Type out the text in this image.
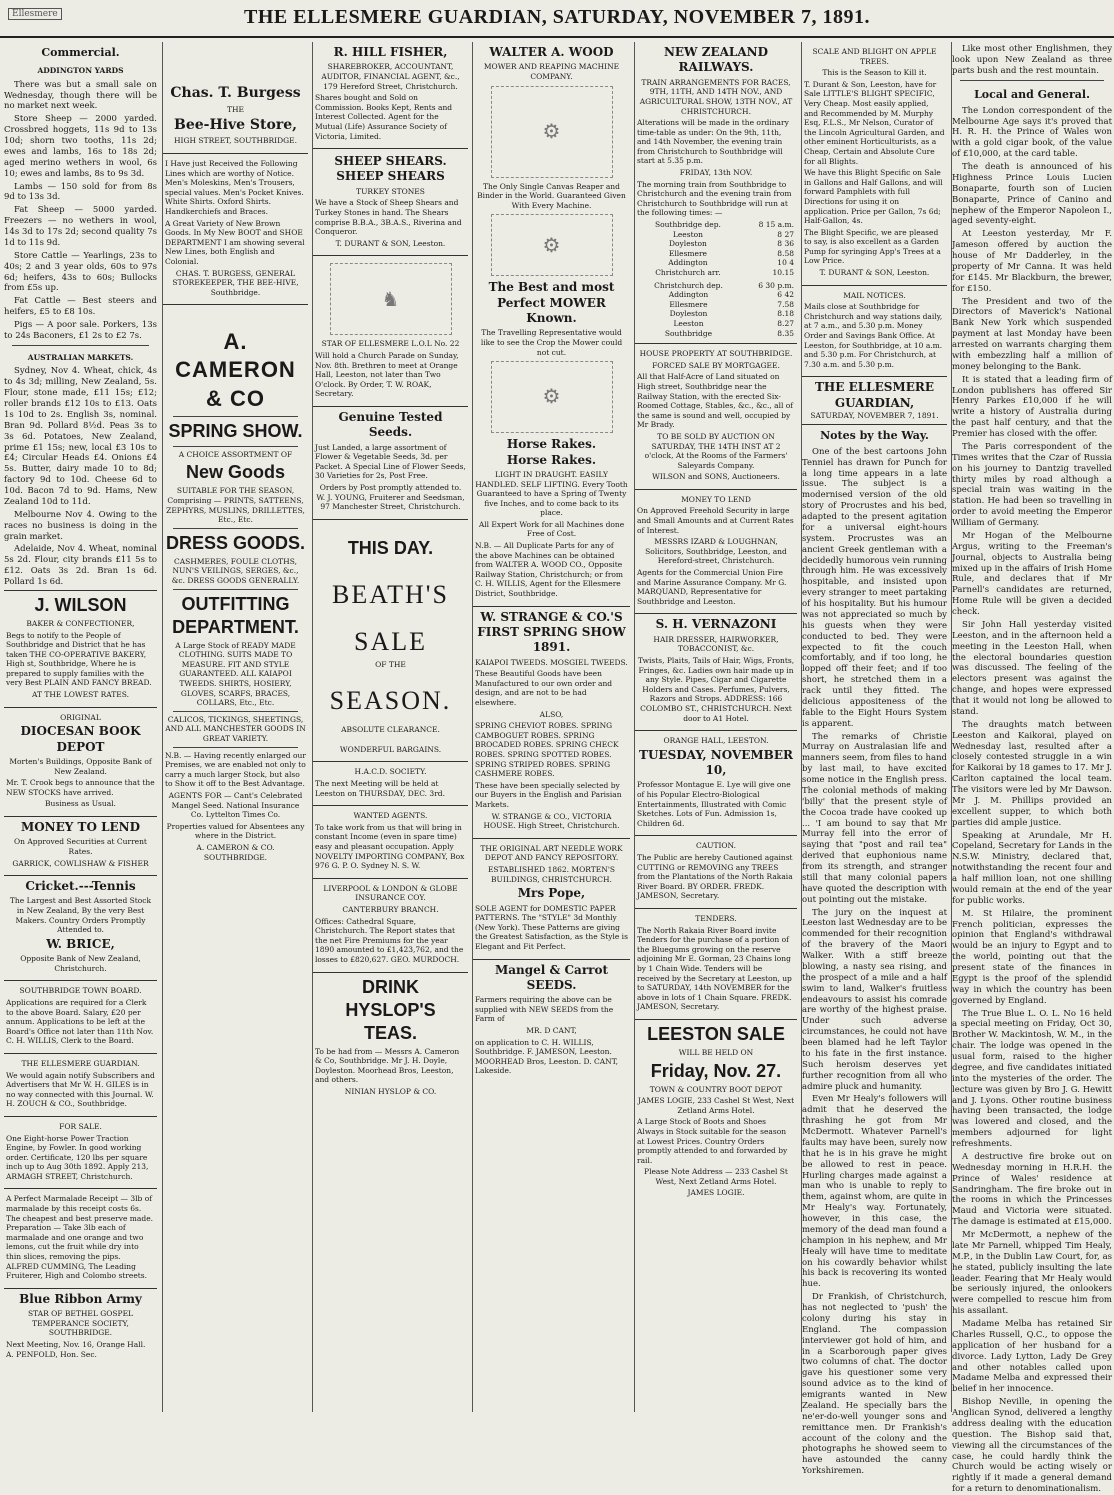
Ellesmere	THE ELLESMERE GUARDIAN, SATURDAY, NOVEMBER 7, 1891.
Commercial.
ADDINGTON YARDS

There was but a small sale on Wednesday, though there will be no market next week.

Store Sheep — 2000 yarded. Crossbred hoggets, 11s 9d to 13s 10d; shorn two tooths, 11s 2d; ewes and lambs, 16s to 18s 2d; aged merino wethers in wool, 6s 10; ewes and lambs, 8s to 9s 3d.

Lambs — 150 sold for from 8s 9d to 13s 3d.

Fat Sheep — 5000 yarded. Freezers — no wethers in wool, 14s 3d to 17s 2d; second quality 7s 1d to 11s 9d.

Store Cattle — Yearlings, 23s to 40s; 2 and 3 year olds, 60s to 97s 6d; heifers, 43s to 60s; Bullocks from £5s up.

Fat Cattle — Best steers and heifers, £5 to £8 10s.

Pigs — A poor sale. Porkers, 13s to 24s Baconers, £1 2s to £2 7s.

AUSTRALIAN MARKETS.

Sydney, Nov 4. Wheat, chick, 4s to 4s 3d; milling, New Zealand, 5s. Flour, stone made, £11 15s; £12; roller brands £12 10s to £13. Oats 1s 10d to 2s. English 3s, nominal. Bran 9d. Pollard 8½d. Peas 3s to 3s 6d. Potatoes, New Zealand, prime £1 15s; new, local £3 10s to £4; Circular Heads £4. Onions £4 5s. Butter, dairy made 10 to 8d; factory 9d to 10d. Cheese 6d to 10d. Bacon 7d to 9d. Hams, New Zealand 10d to 11d.

Melbourne Nov 4. Owing to the races no business is doing in the grain market.

Adelaide, Nov 4. Wheat, nominal 5s 2d. Flour, city brands £11 5s to £12. Oats 3s 2d. Bran 1s 6d. Pollard 1s 6d.

J. WILSON

BAKER & CONFECTIONER,

Begs to notify to the People of Southbridge and District that he has taken THE CO-OPERATIVE BAKERY, High st, Southbridge, Where he is prepared to supply families with the very Best PLAIN AND FANCY BREAD.

AT THE LOWEST RATES.

ORIGINAL

DIOCESAN BOOK DEPOT

Morten's Buildings, Opposite Bank of New Zealand.

Mr. T. Crook begs to announce that the NEW STOCKS have arrived.

Business as Usual.

MONEY TO LEND

On Approved Securities at Current Rates.

GARRICK, COWLISHAW & FISHER

Cricket.---Tennis

The Largest and Best Assorted Stock in New Zealand, By the very Best Makers. Country Orders Promptly Attended to.

W. BRICE,

Opposite Bank of New Zealand, Christchurch.

SOUTHBRIDGE TOWN BOARD.

Applications are required for a Clerk to the above Board. Salary, £20 per annum. Applications to be left at the Board's Office not later than 11th Nov. C. H. WILLIS, Clerk to the Board.

THE ELLESMERE GUARDIAN.

We would again notify Subscribers and Advertisers that Mr W. H. GILES is in no way connected with this Journal. W. H. ZOUCH & CO., Southbridge.

FOR SALE.

One Eight-horse Power Traction Engine, by Fowler. In good working order. Certificate, 120 lbs per square inch up to Aug 30th 1892. Apply 213, ARMAGH STREET, Christchurch.

A Perfect Marmalade Receipt — 3lb of marmalade by this receipt costs 6s. The cheapest and best preserve made. Preparation — Take 3lb each of marmalade and one orange and two lemons, cut the fruit while dry into thin slices, removing the pips. ALFRED CUMMING, The Leading Fruiterer, High and Colombo streets.

Blue Ribbon Army

STAR OF BETHEL GOSPEL TEMPERANCE SOCIETY, SOUTHBRIDGE.

Next Meeting, Nov. 16, Orange Hall. A. PENFOLD, Hon. Sec.

Chas. T. Burgess

THE

Bee-Hive Store,

HIGH STREET, SOUTHBRIDGE.

I Have just Received the Following Lines which are worthy of Notice. Men's Moleskins, Men's Trousers, special values. Men's Pocket Knives. White Shirts. Oxford Shirts. Handkerchiefs and Braces.

A Great Variety of New Brown Goods. In My New BOOT and SHOE DEPARTMENT I am showing several New Lines, both English and Colonial.

CHAS. T. BURGESS, GENERAL STOREKEEPER, THE BEE-HIVE, Southbridge.

A. CAMERON & CO
SPRING SHOW.

A CHOICE ASSORTMENT OF

New Goods

SUITABLE FOR THE SEASON, Comprising — PRINTS, SATTEENS, ZEPHYRS, MUSLINS, DRILLETTES, Etc., Etc.

DRESS GOODS.

CASHMERES, FOULE CLOTHS, NUN'S VEILINGS, SERGES, &c., &c. DRESS GOODS GENERALLY.

OUTFITTING DEPARTMENT.

A Large Stock of READY MADE CLOTHING. SUITS MADE TO MEASURE. FIT AND STYLE GUARANTEED. ALL KAIAPOI TWEEDS. SHIRTS, HOSIERY, GLOVES, SCARFS, BRACES, COLLARS, Etc., Etc.

CALICOS, TICKINGS, SHEETINGS, AND ALL MANCHESTER GOODS IN GREAT VARIETY.

N.B. — Having recently enlarged our Premises, we are enabled not only to carry a much larger Stock, but also to Show it off to the Best Advantage.

AGENTS FOR — Cant's Celebrated Mangel Seed. National Insurance Co. Lyttelton Times Co.

Properties valued for Absentees any where in the District.

A. CAMERON & CO. SOUTHBRIDGE.

R. HILL FISHER,

SHAREBROKER, ACCOUNTANT, AUDITOR, FINANCIAL AGENT, &c., 179 Hereford Street, Christchurch.

Shares bought and Sold on Commission. Books Kept, Rents and Interest Collected. Agent for the Mutual (Life) Assurance Society of Victoria, Limited.

SHEEP SHEARS. SHEEP SHEARS

TURKEY STONES

We have a Stock of Sheep Shears and Turkey Stones in hand. The Shears comprise B.B.A., 3B.A.S., Riverina and Conqueror.

T. DURANT & SON, Leeston.

♞

STAR OF ELLESMERE L.O.L No. 22

Will hold a Church Parade on Sunday, Nov. 8th. Brethren to meet at Orange Hall, Leeston, not later than Two O'clock. By Order, T. W. ROAK, Secretary.

Genuine Tested Seeds.

Just Landed, a large assortment of Flower & Vegetable Seeds, 3d. per Packet. A Special Line of Flower Seeds, 30 Varieties for 2s, Post Free.

Orders by Post promptly attended to. W. J. YOUNG, Fruiterer and Seedsman, 97 Manchester Street, Christchurch.

THIS DAY.
BEATH'S
SALE

OF THE

SEASON.

ABSOLUTE CLEARANCE.

WONDERFUL BARGAINS.

H.A.C.D. SOCIETY.

The next Meeting will be held at Leeston on THURSDAY, DEC. 3rd.

WANTED AGENTS.

To take work from us that will bring in constant Income (even in spare time) easy and pleasant occupation. Apply NOVELTY IMPORTING COMPANY, Box 976 G. P. O. Sydney N. S. W.

LIVERPOOL & LONDON & GLOBE INSURANCE COY.

CANTERBURY BRANCH.

Offices: Cathedral Square, Christchurch. The Report states that the net Fire Premiums for the year 1890 amounted to £1,423,762, and the losses to £820,627. GEO. MURDOCH.

DRINK
HYSLOP'S
TEAS.

To be had from — Messrs A. Cameron & Co, Southbridge. Mr J. H. Doyle, Doyleston. Moorhead Bros, Leeston, and others.

NINIAN HYSLOP & CO.

WALTER A. WOOD

MOWER AND REAPING MACHINE COMPANY.

⚙

The Only Single Canvas Reaper and Binder in the World. Guaranteed Given With Every Machine.

⚙
The Best and most Perfect MOWER Known.

The Travelling Representative would like to see the Crop the Mower could not cut.

⚙
Horse Rakes.
Horse Rakes.

LIGHT IN DRAUGHT. EASILY HANDLED. SELF LIFTING. Every Tooth Guaranteed to have a Spring of Twenty five Inches, and to come back to its place.

All Expert Work for all Machines done Free of Cost.

N.B. — All Duplicate Parts for any of the above Machines can be obtained from WALTER A. WOOD CO., Opposite Railway Station, Christchurch; or from C. H. WILLIS, Agent for the Ellesmere District, Southbridge.

W. STRANGE & CO.'S FIRST SPRING SHOW
1891.

KAIAPOI TWEEDS. MOSGIEL TWEEDS.

These Beautiful Goods have been Manufactured to our own order and design, and are not to be had elsewhere.

ALSO,

SPRING CHEVIOT ROBES. SPRING CAMBOGUET ROBES. SPRING BROCADED ROBES. SPRING CHECK ROBES. SPRING SPOTTED ROBES. SPRING STRIPED ROBES. SPRING CASHMERE ROBES.

These have been specially selected by our Buyers in the English and Parisian Markets.

W. STRANGE & CO., VICTORIA HOUSE. High Street, Christchurch.

THE ORIGINAL ART NEEDLE WORK DEPOT AND FANCY REPOSITORY.

ESTABLISHED 1862. MORTEN'S BUILDINGS, CHRISTCHURCH.

Mrs Pope,

SOLE AGENT for DOMESTIC PAPER PATTERNS. The "STYLE" 3d Monthly (New York). These Patterns are giving the Greatest Satisfaction, as the Style is Elegant and Fit Perfect.

Mangel & Carrot SEEDS.

Farmers requiring the above can be supplied with NEW SEEDS from the Farm of

MR. D CANT,

on application to C. H. WILLIS, Southbridge. F. JAMESON, Leeston. MOORHEAD Bros, Leeston. D. CANT, Lakeside.

NEW ZEALAND RAILWAYS.

TRAIN ARRANGEMENTS FOR RACES, 9TH, 11TH, AND 14TH NOV., AND AGRICULTURAL SHOW, 13TH NOV., AT CHRISTCHURCH.

Alterations will be made in the ordinary time-table as under: On the 9th, 11th, and 14th November, the evening train from Christchurch to Southbridge will start at 5.35 p.m.

FRIDAY, 13th NOV.

The morning train from Southbridge to Christchurch and the evening train from Christchurch to Southbridge will run at the following times: —

Southbridge dep.	8 15 a.m.
Leeston	8 27
Doyleston	8 36
Ellesmere	8.58
Addington	10 4
Christchurch arr.	10.15
Christchurch dep.	6 30 p.m.
Addington	6 42
Ellesmere	7.58
Doyleston	8.18
Leeston	8.27
Southbridge	8.35

HOUSE PROPERTY AT SOUTHBRIDGE.

FORCED SALE BY MORTGAGEE.

All that Half-Acre of Land situated on High street, Southbridge near the Railway Station, with the erected Six-Roomed Cottage, Stables, &c., &c., all of the same is sound and well, occupied by Mr Brady.

TO BE SOLD BY AUCTION ON SATURDAY, THE 14TH INST AT 2 o'clock, At the Rooms of the Farmers' Saleyards Company.

WILSON and SONS, Auctioneers.

MONEY TO LEND

On Approved Freehold Security in large and Small Amounts and at Current Rates of Interest.

MESSRS IZARD & LOUGHNAN, Solicitors, Southbridge, Leeston, and Hereford-street, Christchurch.

Agents for the Commercial Union Fire and Marine Assurance Company. Mr G. MARQUAND, Representative for Southbridge and Leeston.

S. H. VERNAZONI

HAIR DRESSER, HAIRWORKER, TOBACCONIST, &c.

Twists, Plaits, Tails of Hair, Wigs, Fronts, Fringes, &c. Ladies own hair made up in any Style. Pipes, Cigar and Cigarette Holders and Cases. Perfumes, Pulvers, Razors and Strops. ADDRESS: 166 COLOMBO ST., CHRISTCHURCH. Next door to A1 Hotel.

ORANGE HALL, LEESTON.

TUESDAY, NOVEMBER 10,

Professor Montague E. Lye will give one of his Popular Electro-Biological Entertainments, Illustrated with Comic Sketches. Lots of Fun. Admission 1s, Children 6d.

CAUTION.

The Public are hereby Cautioned against CUTTING or REMOVING any TREES from the Plantations of the North Rakaia River Board. BY ORDER. FREDK. JAMESON, Secretary.

TENDERS.

The North Rakaia River Board invite Tenders for the purchase of a portion of the Bluegums growing on the reserve adjoining Mr E. Gorman, 23 Chains long by 1 Chain Wide. Tenders will be received by the Secretary at Leeston, up to SATURDAY, 14th NOVEMBER for the above in lots of 1 Chain Square. FREDK. JAMESON, Secretary.

LEESTON SALE

WILL BE HELD ON

Friday, Nov. 27.

TOWN & COUNTRY BOOT DEPOT

JAMES LOGIE, 233 Cashel St West, Next Zetland Arms Hotel.

A Large Stock of Boots and Shoes Always in Stock suitable for the season at Lowest Prices. Country Orders promptly attended to and forwarded by rail.

Please Note Address — 233 Cashel St West, Next Zetland Arms Hotel.

JAMES LOGIE.

SCALE AND BLIGHT ON APPLE TREES.

This is the Season to Kill it.

T. Durant & Son, Leeston, have for Sale LITTLE'S BLIGHT SPECIFIC, Very Cheap. Most easily applied, and Recommended by M. Murphy Esq, F.L.S., Mr Nelson, Curator of the Lincoln Agricultural Garden, and other eminent Horticulturists, as a Cheap, Certain and Absolute Cure for all Blights.

We have this Blight Specific on Sale in Gallons and Half Gallons, and will forward Pamphlets with full Directions for using it on application. Price per Gallon, 7s 6d; Half-Gallon, 4s.

The Blight Specific, we are pleased to say, is also excellent as a Garden Pump for syringing App's Trees at a Low Price.

T. DURANT & SON, Leeston.

MAIL NOTICES.

Mails close at Southbridge for Christchurch and way stations daily, at 7 a.m., and 5.30 p.m. Money Order and Savings Bank Office. At Leeston, for Southbridge, at 10 a.m. and 5.30 p.m. For Christchurch, at 7.30 a.m. and 5.30 p.m.

THE ELLESMERE GUARDIAN,
SATURDAY, NOVEMBER 7, 1891.
Notes by the Way.

One of the best cartoons John Tenniel has drawn for Punch for a long time appears in a late issue. The subject is a modernised version of the old story of Procrustes and his bed, adapted to the present agitation for a universal eight-hours system. Procrustes was an ancient Greek gentleman with a decidedly humorous vein running through him. He was excessively hospitable, and insisted upon every stranger to meet partaking of his hospitality. But his humour was not appreciated so much by his guests when they were conducted to bed. They were expected to fit the couch comfortably, and if too long, he lopped off their feet; and if too short, he stretched them in a rack until they fitted. The delicious appositeness of the fable to the Eight Hours System is apparent.

The remarks of Christie Murray on Australasian life and manners seem, from files to hand by last mail, to have excited some notice in the English press. The colonial methods of making 'billy' that the present style of the Cocoa trade have cooked up ... 'I am bound to say that Mr Murray fell into the error of saying that "post and rail tea" derived that euphonious name from its strength, and stranger still that many colonial papers have quoted the description with out pointing out the mistake.

The jury on the inquest at Leeston last Wednesday are to be commended for their recognition of the bravery of the Maori Walker. With a stiff breeze blowing, a nasty sea rising, and the prospect of a mile and a half swim to land, Walker's fruitless endeavours to assist his comrade are worthy of the highest praise. Under such adverse circumstances, he could not have been blamed had he left Taylor to his fate in the first instance. Such heroism deserves yet further recognition from all who admire pluck and humanity.

Even Mr Healy's followers will admit that he deserved the thrashing he got from Mr McDermott. Whatever Parnell's faults may have been, surely now that he is in his grave he might be allowed to rest in peace. Hurling charges made against a man who is unable to reply to them, against whom, are quite in Mr Healy's way. Fortunately, however, in this case, the memory of the dead man found a champion in his nephew, and Mr Healy will have time to meditate on his cowardly behavior whilst his back is recovering its wonted hue.

Dr Frankish, of Christchurch, has not neglected to 'push' the colony during his stay in England. The compassion interviewer got hold of him, and in a Scarborough paper gives two columns of chat. The doctor gave his questioner some very sound advice as to the kind of emigrants wanted in New Zealand. He specially bars the ne'er-do-well younger sons and remittance men. Dr Frankish's account of the colony and the photographs he showed seem to have astounded the canny Yorkshiremen.

Like most other Englishmen, they look upon New Zealand as three parts bush and the rest mountain.

Local and General.

The London correspondent of the Melbourne Age says it's proved that H. R. H. the Prince of Wales won with a gold cigar book, of the value of £10,000, at the card table.

The death is announced of his Highness Prince Louis Lucien Bonaparte, fourth son of Lucien Bonaparte, Prince of Canino and nephew of the Emperor Napoleon I., aged seventy-eight.

At Leeston yesterday, Mr F. Jameson offered by auction the house of Mr Dadderley, in the property of Mr Canna. It was held for £145. Mr Blackburn, the brewer, for £150.

The President and two of the Directors of Maverick's National Bank New York which suspended payment at last Monday have been arrested on warrants charging them with embezzling half a million of money belonging to the Bank.

It is stated that a leading firm of London publishers has offered Sir Henry Parkes £10,000 if he will write a history of Australia during the past half century, and that the Premier has closed with the offer.

The Paris correspondent of the Times writes that the Czar of Russia on his journey to Dantzig travelled thirty miles by road although a special train was waiting in the station. He had been so travelling in order to avoid meeting the Emperor William of Germany.

Mr Hogan of the Melbourne Argus, writing to the Freeman's Journal, objects to Australia being mixed up in the affairs of Irish Home Rule, and declares that if Mr Parnell's candidates are returned, Home Rule will be given a decided check.

Sir John Hall yesterday visited Leeston, and in the afternoon held a meeting in the Leeston Hall, when the electoral boundaries question was discussed. The feeling of the electors present was against the change, and hopes were expressed that it would not long be allowed to stand.

The draughts match between Leeston and Kaikorai, played on Wednesday last, resulted after a closely contested struggle in a win for Kaikorai by 18 games to 17. Mr J. Carlton captained the local team. The visitors were led by Mr Dawson. Mr J. M. Phillips provided an excellent supper, to which both parties did ample justice.

Speaking at Arundale, Mr H. Copeland, Secretary for Lands in the N.S.W. Ministry, declared that, notwithstanding the recent four and a half million loan, not one shilling would remain at the end of the year for public works.

M. St Hilaire, the prominent French politician, expresses the opinion that England's withdrawal would be an injury to Egypt and to the world, pointing out that the present state of the finances in Egypt is the proof of the splendid way in which the country has been governed by England.

The True Blue L. O. L. No 16 held a special meeting on Friday, Oct 30, Brother W. Mackintosh, W. M., in the chair. The lodge was opened in the usual form, raised to the higher degree, and five candidates initiated into the mysteries of the order. The lecture was given by Bro J. G. Hewitt and J. Lyons. Other routine business having been transacted, the lodge was lowered and closed, and the members adjourned for light refreshments.

A destructive fire broke out on Wednesday morning in H.R.H. the Prince of Wales' residence at Sandringham. The fire broke out in the rooms in which the Princesses Maud and Victoria were situated. The damage is estimated at £15,000.

Mr McDermott, a nephew of the late Mr Parnell, whipped Tim Healy, M.P., in the Dublin Law Court, for, as he stated, publicly insulting the late leader. Fearing that Mr Healy would be seriously injured, the onlookers were compelled to rescue him from his assailant.

Madame Melba has retained Sir Charles Russell, Q.C., to oppose the application of her husband for a divorce. Lady Lytton, Lady De Grey and other notables called upon Madame Melba and expressed their belief in her innocence.

Bishop Neville, in opening the Anglican Synod, delivered a lengthy address dealing with the education question. The Bishop said that, viewing all the circumstances of the case, he could hardly think the Church would be acting wisely or rightly if it made a general demand for a return to denominationalism.
